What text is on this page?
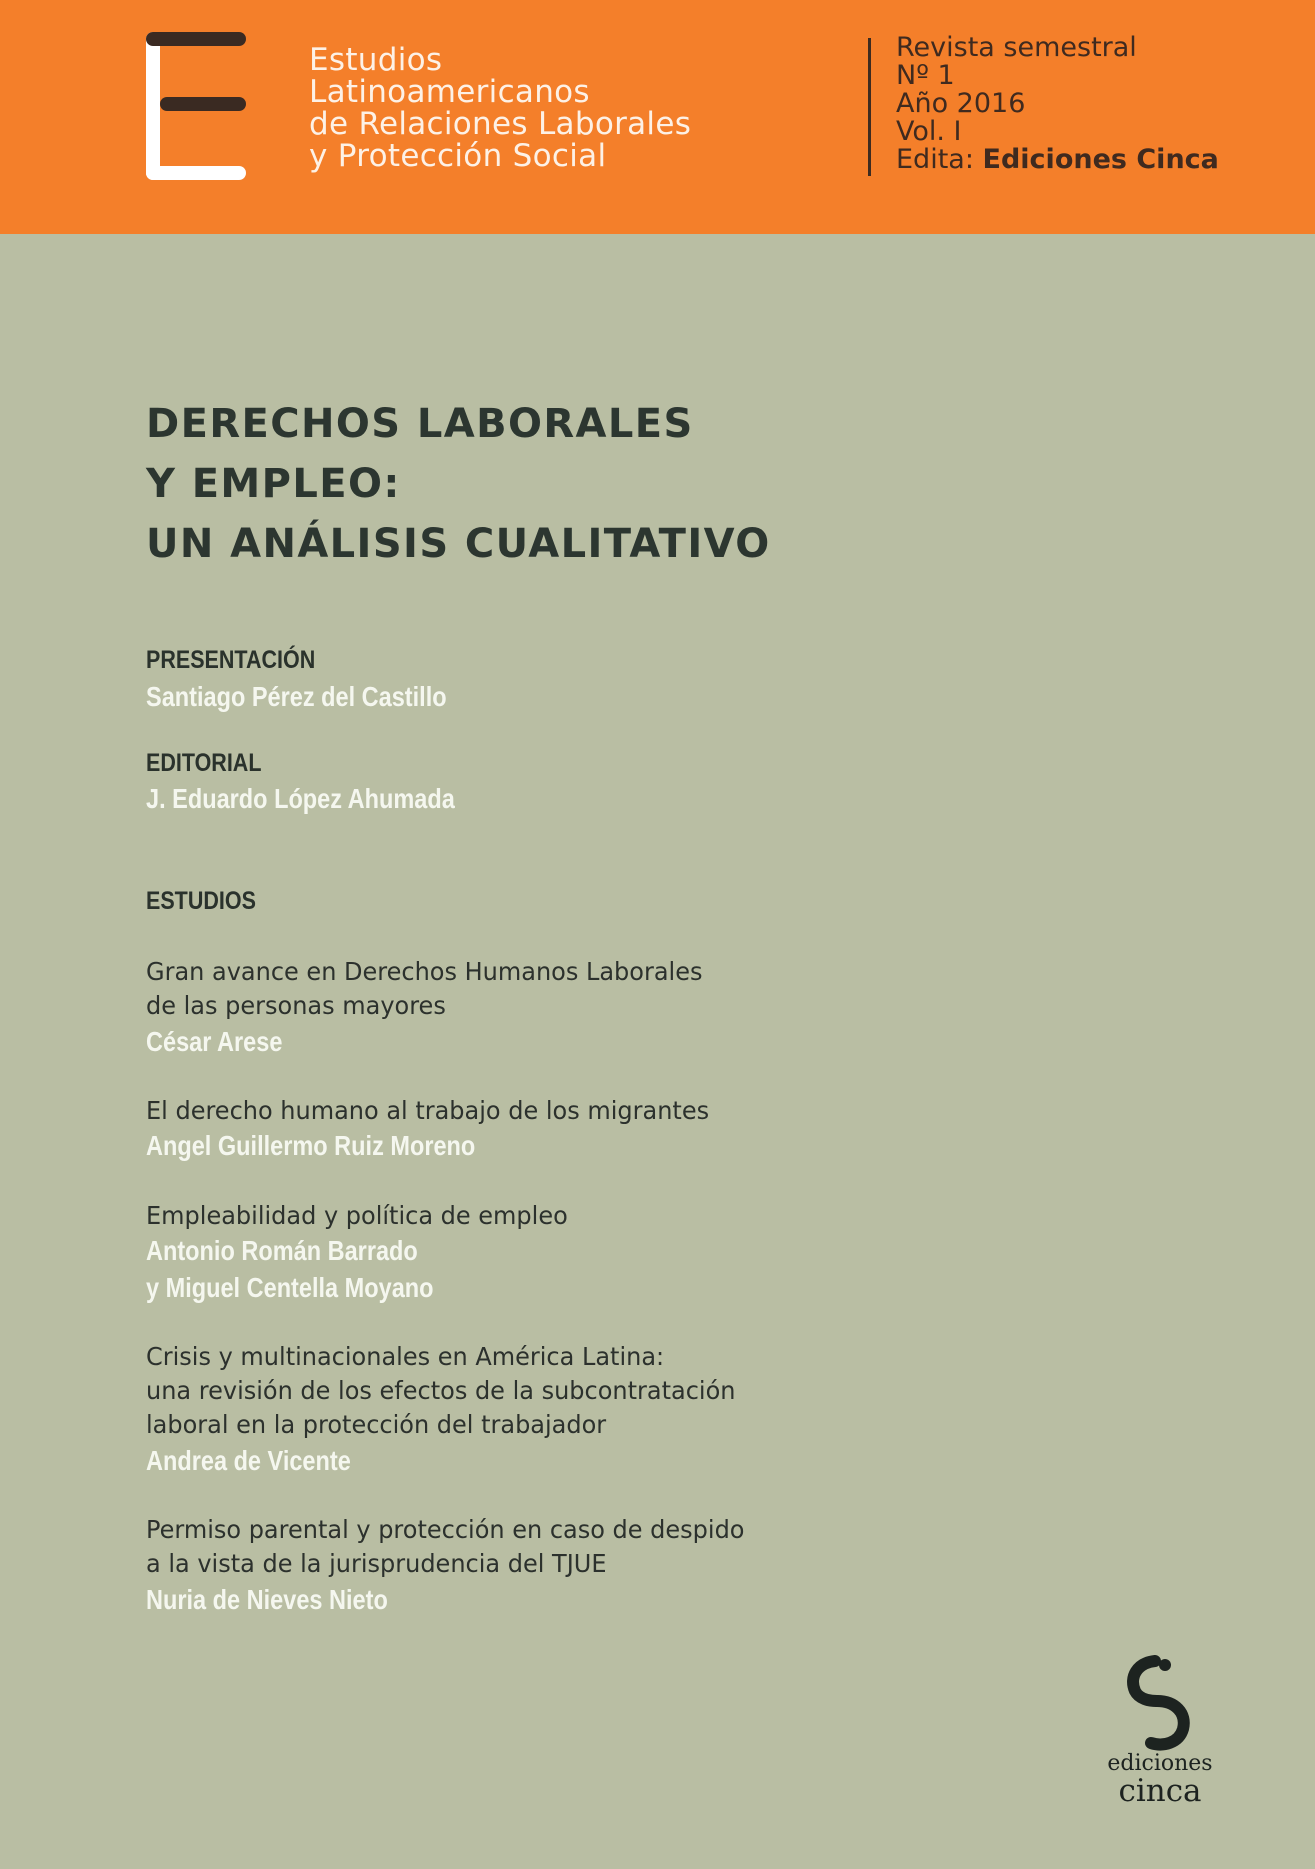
Estudios
Latinoamericanos
de Relaciones Laborales
y Protección Social
Revista semestral
Nº 1
Año 2016
Vol. I
Edita: Ediciones Cinca
DERECHOS LABORALES
Y EMPLEO:
UN ANÁLISIS CUALITATIVO
PRESENTACIÓN
Santiago Pérez del Castillo
EDITORIAL
J. Eduardo López Ahumada
ESTUDIOS
Gran avance en Derechos Humanos Laborales
de las personas mayores
César Arese
El derecho humano al trabajo de los migrantes
Angel Guillermo Ruiz Moreno
Empleabilidad y política de empleo
Antonio Román Barrado
y Miguel Centella Moyano
Crisis y multinacionales en América Latina:
una revisión de los efectos de la subcontratación
laboral en la protección del trabajador
Andrea de Vicente
Permiso parental y protección en caso de despido
a la vista de la jurisprudencia del TJUE
Nuria de Nieves Nieto
ediciones
cinca
